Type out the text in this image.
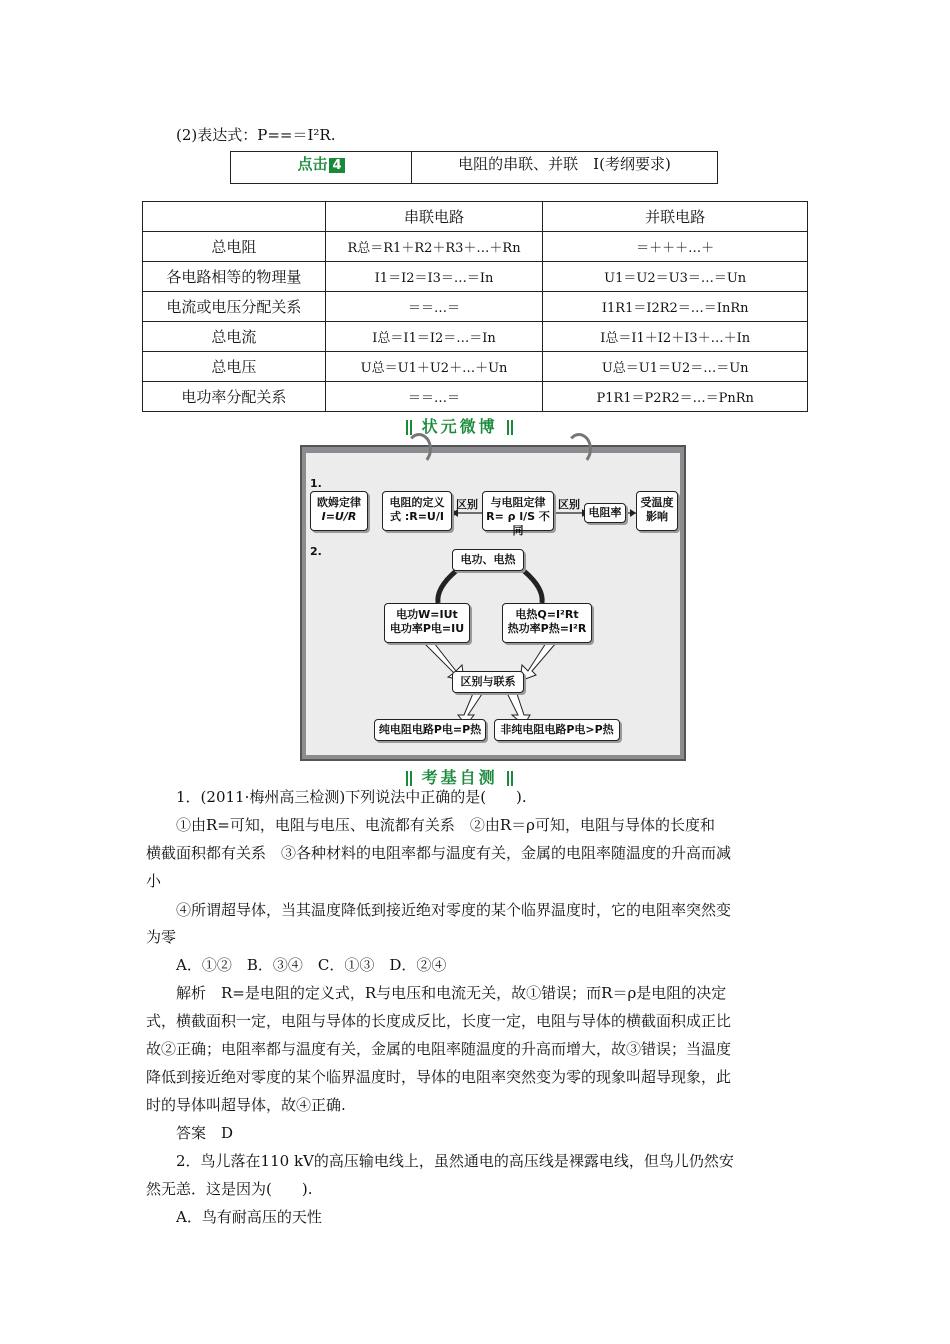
(2)表达式：P==＝I²R.
点击 4	电阻的串联、并联　Ⅰ(考纲要求)
	串联电路	并联电路
总电阻	R总＝R1＋R2＋R3＋…＋Rn	＝＋＋＋…＋
各电路相等的物理量	I1＝I2＝I3＝…＝In	U1＝U2＝U3＝…＝Un
电流或电压分配关系	＝＝…＝	I1R1＝I2R2＝…＝InRn
总电流	I总＝I1＝I2＝…＝In	I总＝I1＋I2＋I3＋…＋In
总电压	U总＝U1＋U2＋…＋Un	U总＝U1＝U2＝…＝Un
电功率分配关系	＝＝…＝	P1R1＝P2R2＝…＝PnRn
状元微博
1.
2.
欧姆定律
I=U/R
电阻的定义
式 :R=U/I
区别	与电阻定律
R= ρ l/S 不同
区别
电阻率
受温度影响
电功、电热
电功W=IUt
电功率P电=IU
电热Q=I²Rt
热功率P热=I²R
区别与联系
纯电阻电路P电=P热	非纯电阻电路P电>P热
考基自测
1．(2011·梅州高三检测)下列说法中正确的是(　　).
①由R=可知，电阻与电压、电流都有关系　②由R＝ρ可知，电阻与导体的长度和
横截面积都有关系　③各种材料的电阻率都与温度有关，金属的电阻率随温度的升高而减
小
④所谓超导体，当其温度降低到接近绝对零度的某个临界温度时，它的电阻率突然变
为零
A．①②　B．③④　C．①③　D．②④
解析　R=是电阻的定义式，R与电压和电流无关，故①错误；而R＝ρ是电阻的决定
式，横截面积一定，电阻与导体的长度成反比，长度一定，电阻与导体的横截面积成正比
故②正确；电阻率都与温度有关，金属的电阻率随温度的升高而增大，故③错误；当温度
降低到接近绝对零度的某个临界温度时，导体的电阻率突然变为零的现象叫超导现象，此
时的导体叫超导体，故④正确.
答案　D
2．鸟儿落在110 kV的高压输电线上，虽然通电的高压线是裸露电线，但鸟儿仍然安
然无恙．这是因为(　　).
A．鸟有耐高压的天性
